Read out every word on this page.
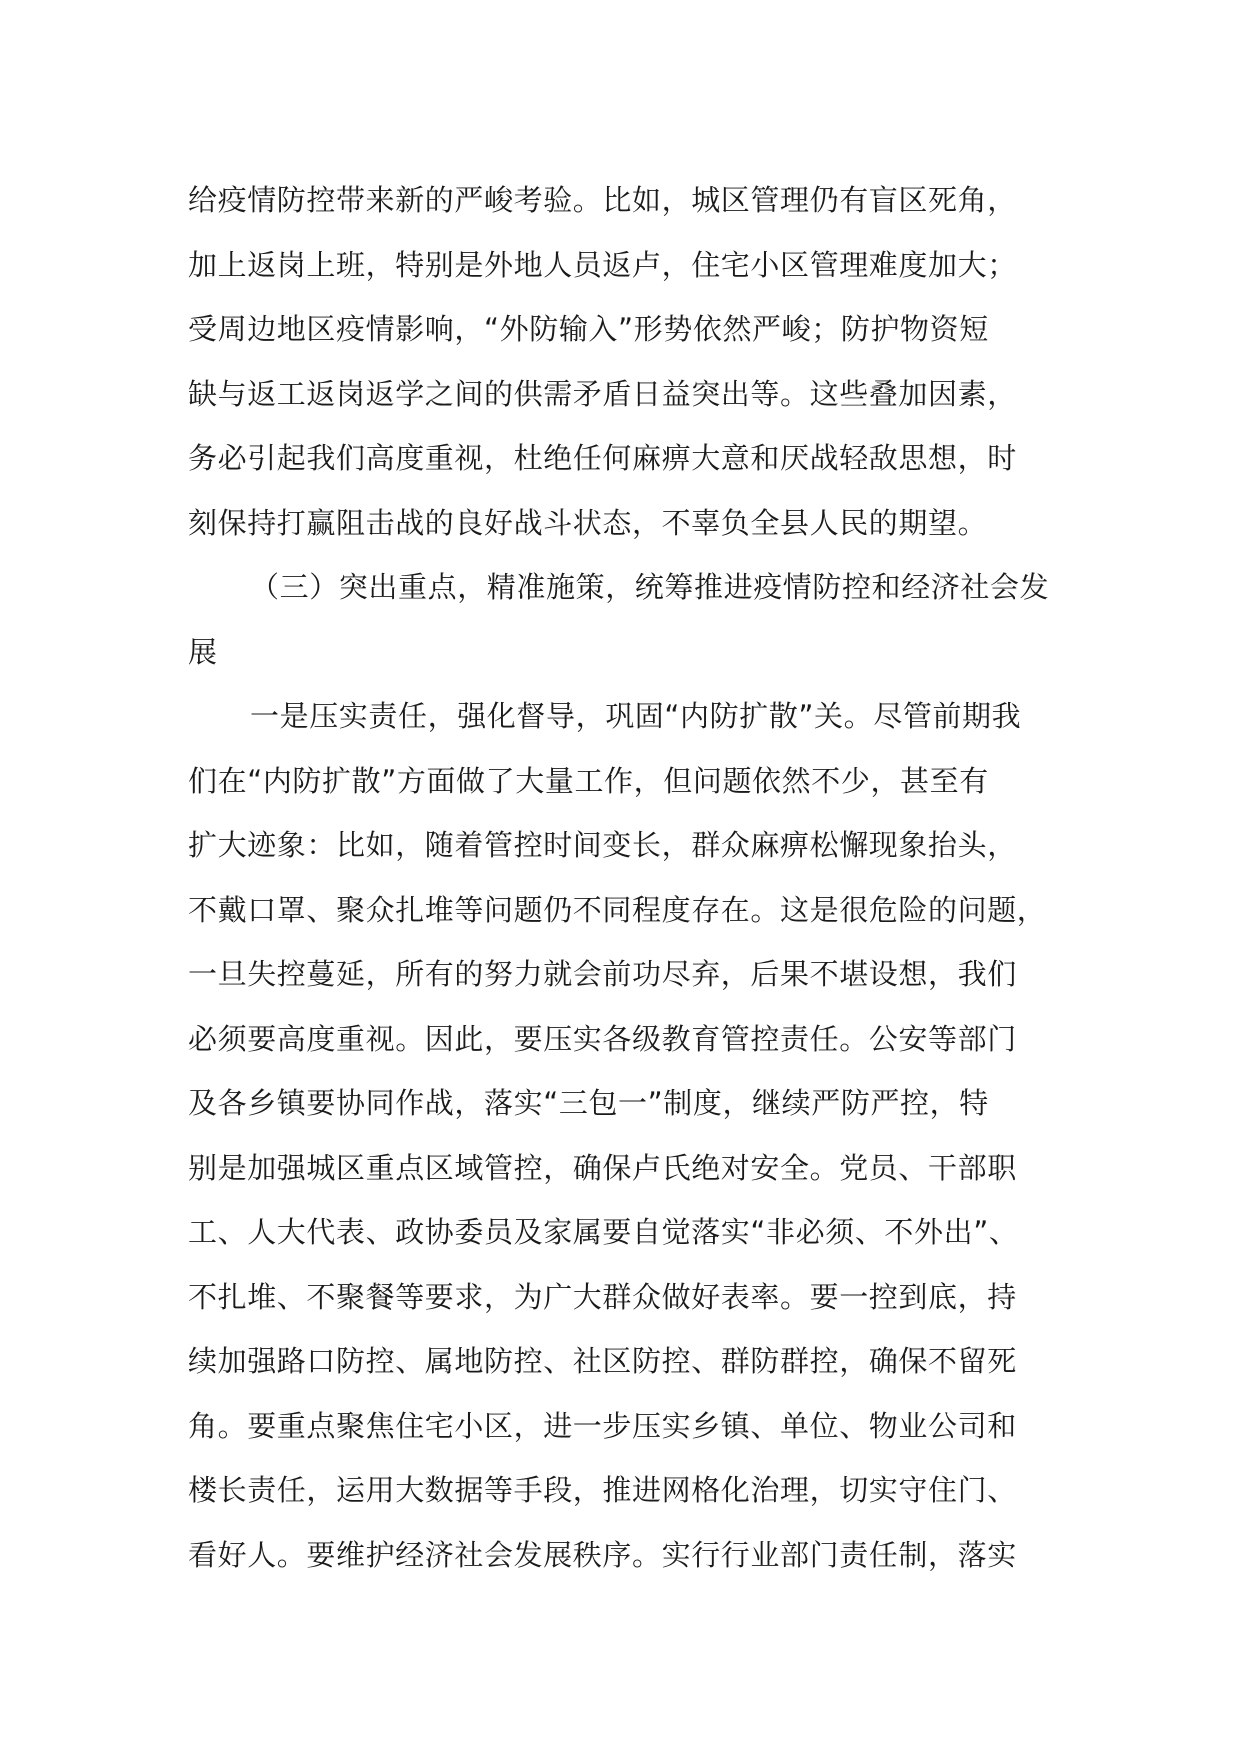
给疫情防控带来新的严峻考验。比如，城区管理仍有盲区死角，
加上返岗上班，特别是外地人员返卢，住宅小区管理难度加大；
受周边地区疫情影响，“外防输入”形势依然严峻；防护物资短
缺与返工返岗返学之间的供需矛盾日益突出等。这些叠加因素，
务必引起我们高度重视，杜绝任何麻痹大意和厌战轻敌思想，时
刻保持打赢阻击战的良好战斗状态，不辜负全县人民的期望。
（三）突出重点，精准施策，统筹推进疫情防控和经济社会发
展
一是压实责任，强化督导，巩固“内防扩散”关。尽管前期我
们在“内防扩散”方面做了大量工作，但问题依然不少，甚至有
扩大迹象：比如，随着管控时间变长，群众麻痹松懈现象抬头，
不戴口罩、聚众扎堆等问题仍不同程度存在。这是很危险的问题，
一旦失控蔓延，所有的努力就会前功尽弃，后果不堪设想，我们
必须要高度重视。因此，要压实各级教育管控责任。公安等部门
及各乡镇要协同作战，落实“三包一”制度，继续严防严控，特
别是加强城区重点区域管控，确保卢氏绝对安全。党员、干部职
工、人大代表、政协委员及家属要自觉落实“非必须、不外出”、
不扎堆、不聚餐等要求，为广大群众做好表率。要一控到底，持
续加强路口防控、属地防控、社区防控、群防群控，确保不留死
角。要重点聚焦住宅小区，进一步压实乡镇、单位、物业公司和
楼长责任，运用大数据等手段，推进网格化治理，切实守住门、
看好人。要维护经济社会发展秩序。实行行业部门责任制，落实
